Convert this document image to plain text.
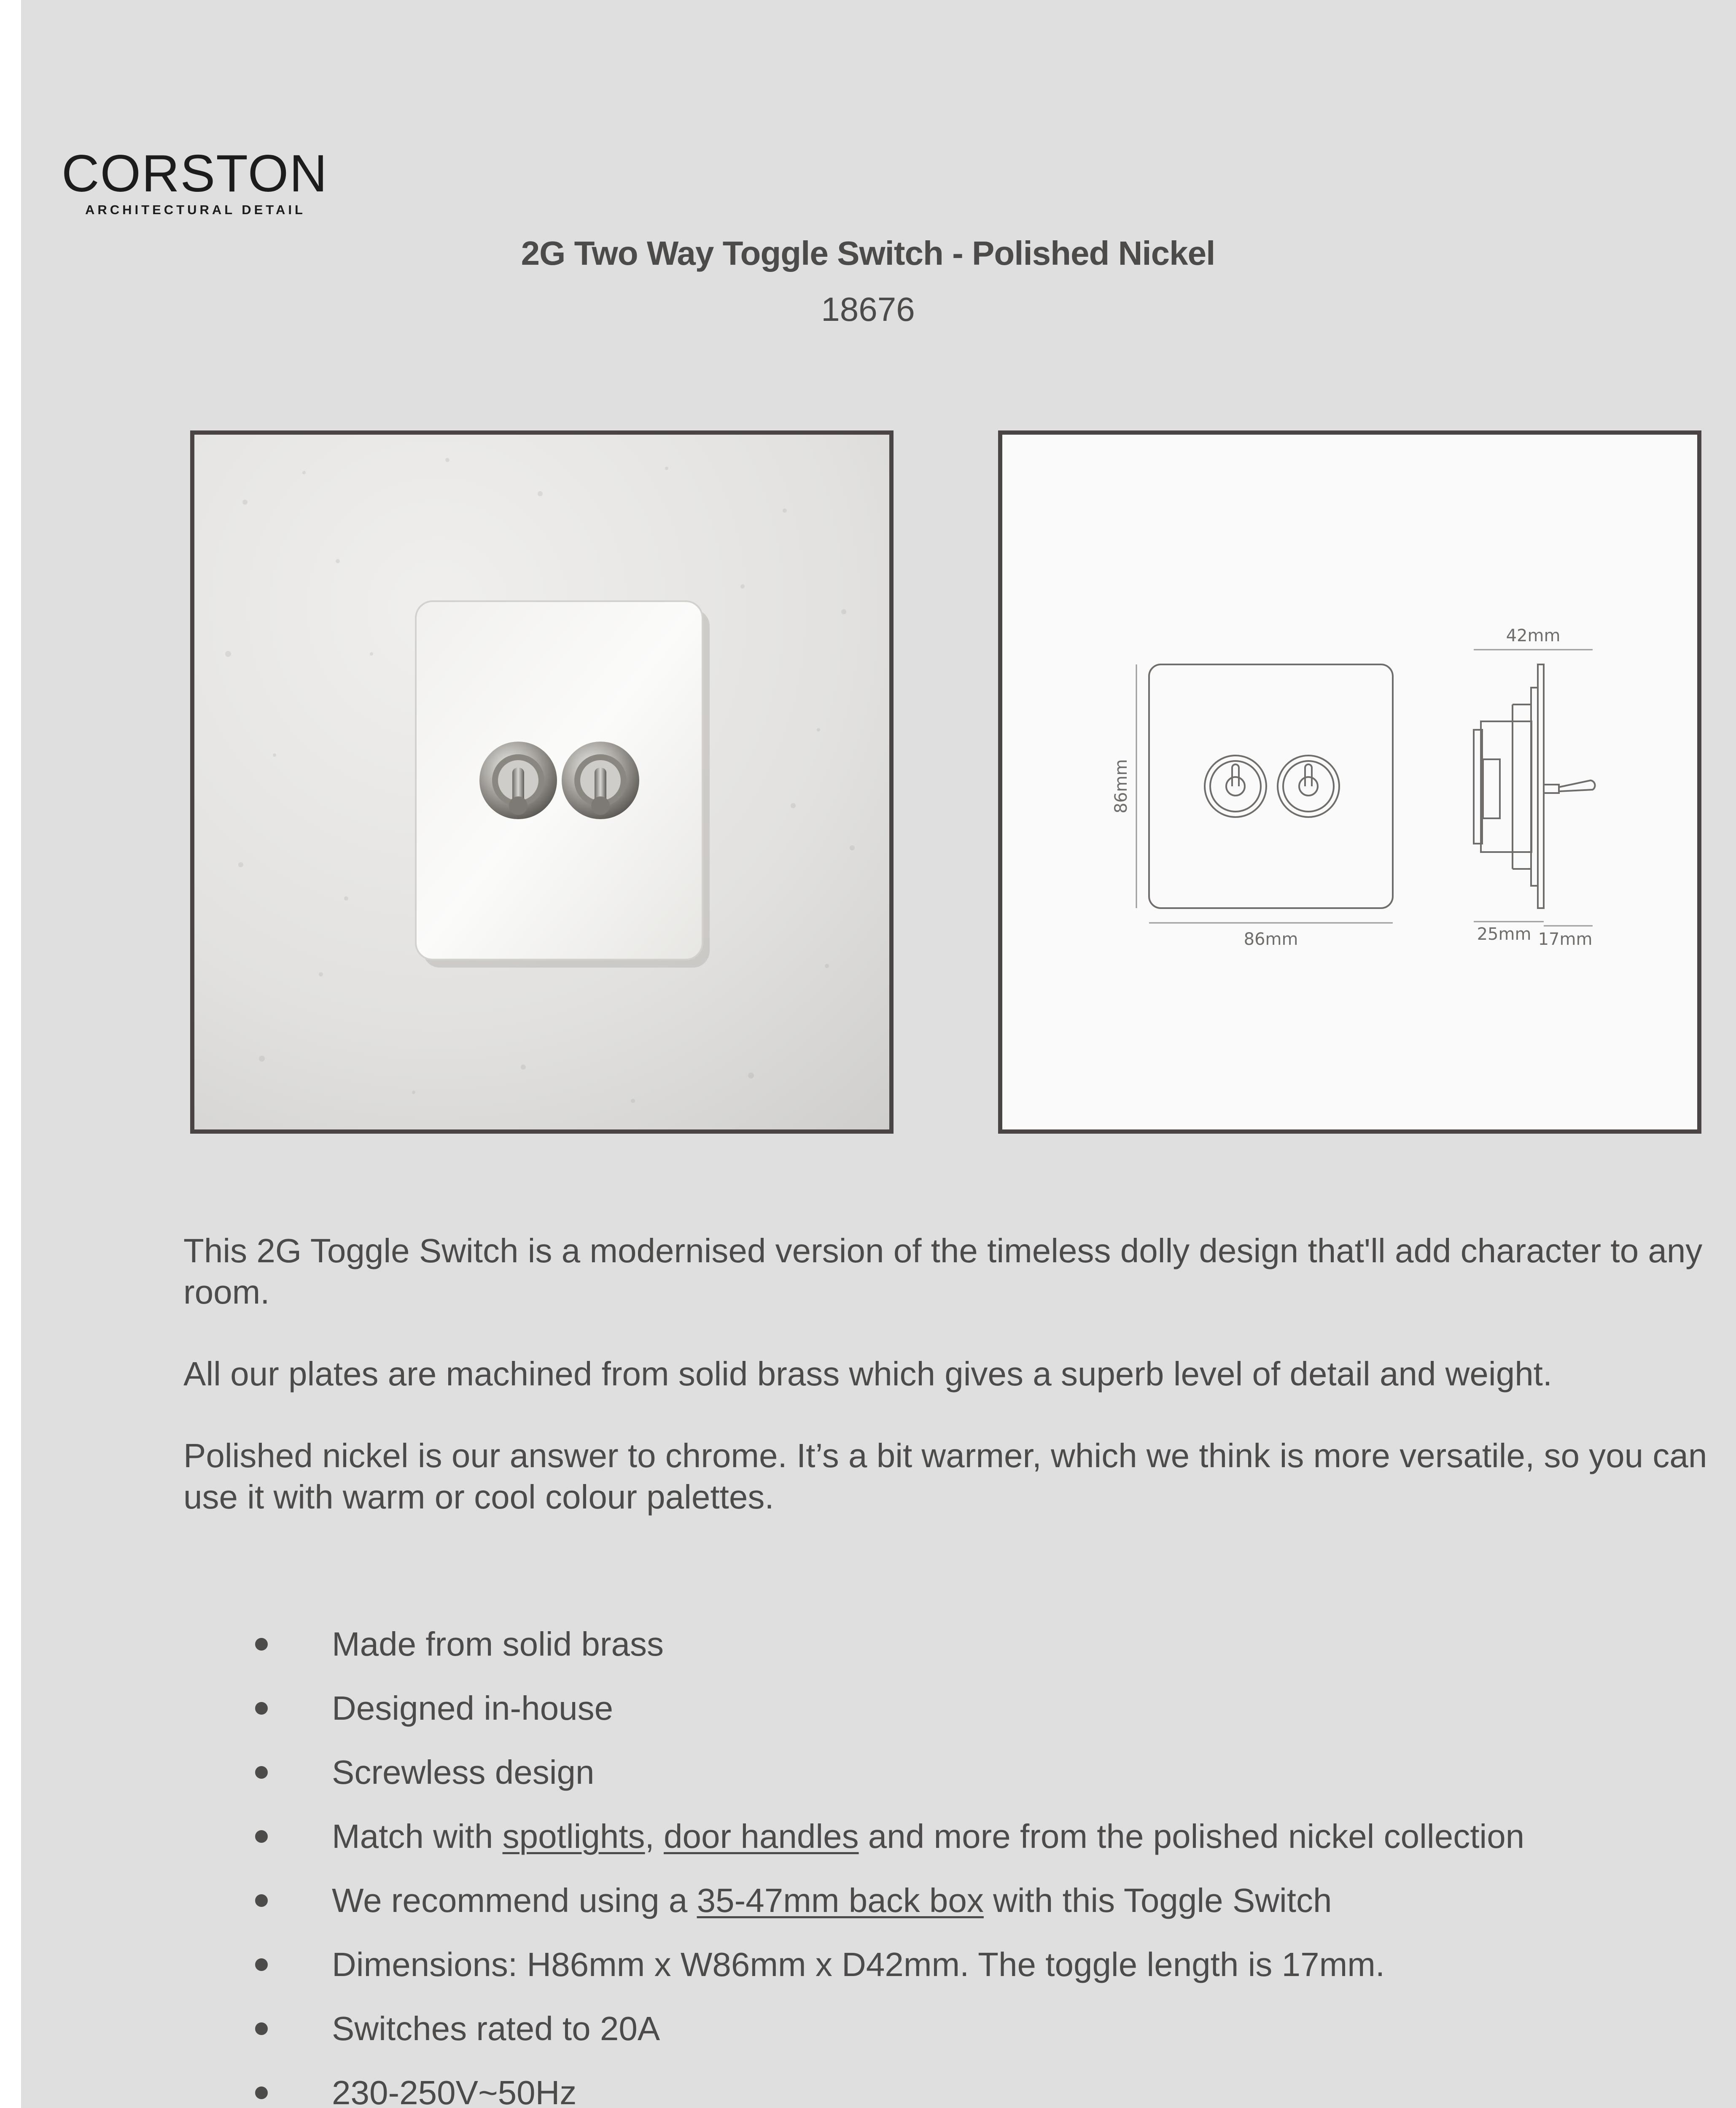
CORSTON
ARCHITECTURAL DETAIL
2G Two Way Toggle Switch - Polished Nickel
18676
86mm
86mm
42mm
25mm 17mm

This 2G Toggle Switch is a modernised version of the timeless dolly design that'll add character to any room.

All our plates are machined from solid brass which gives a superb level of detail and weight.

Polished nickel is our answer to chrome. It’s a bit warmer, which we think is more versatile, so you can use it with warm or cool colour palettes.

Made from solid brass
Designed in-house
Screwless design
Match with spotlights, door handles and more from the polished nickel collection
We recommend using a 35-47mm back box with this Toggle Switch
Dimensions: H86mm x W86mm x D42mm. The toggle length is 17mm.
Switches rated to 20A
230-250V~50Hz
